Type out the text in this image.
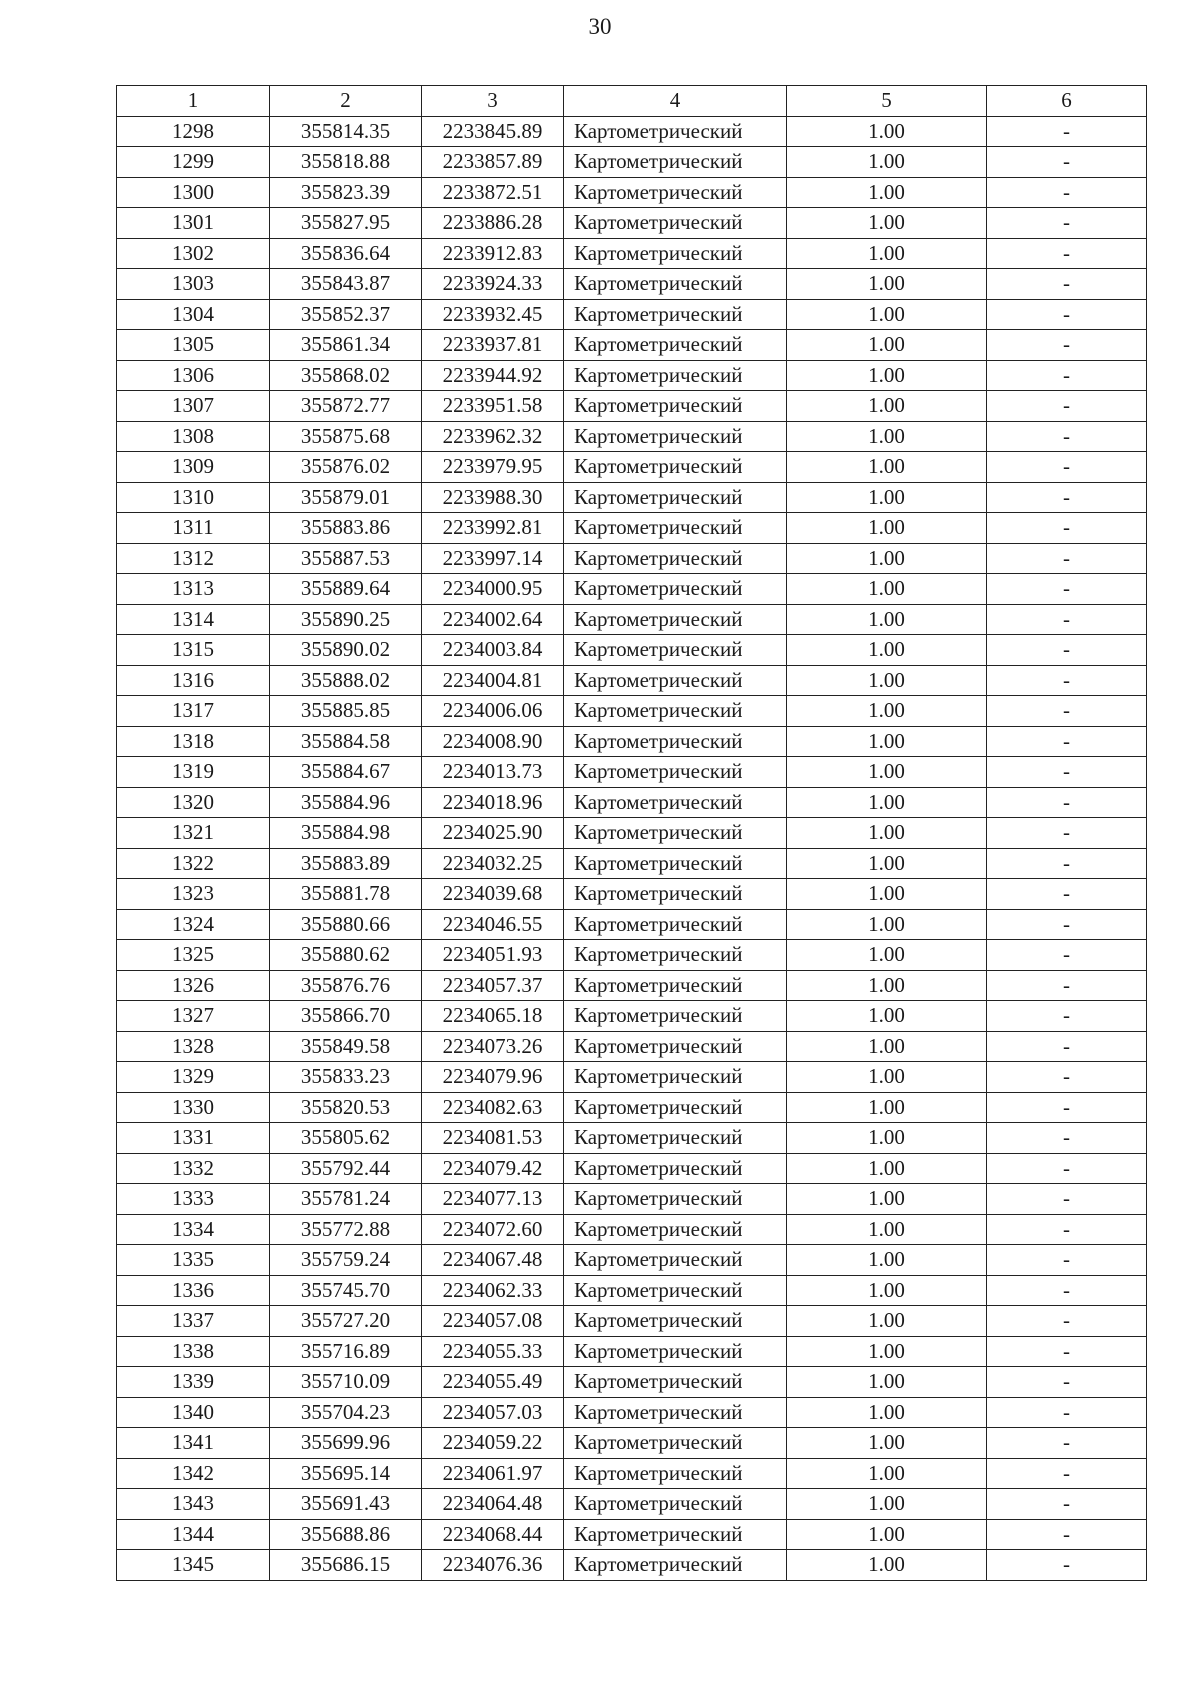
30
1	2	3	4	5	6
1298	355814.35	2233845.89	Картометрический	1.00	-
1299	355818.88	2233857.89	Картометрический	1.00	-
1300	355823.39	2233872.51	Картометрический	1.00	-
1301	355827.95	2233886.28	Картометрический	1.00	-
1302	355836.64	2233912.83	Картометрический	1.00	-
1303	355843.87	2233924.33	Картометрический	1.00	-
1304	355852.37	2233932.45	Картометрический	1.00	-
1305	355861.34	2233937.81	Картометрический	1.00	-
1306	355868.02	2233944.92	Картометрический	1.00	-
1307	355872.77	2233951.58	Картометрический	1.00	-
1308	355875.68	2233962.32	Картометрический	1.00	-
1309	355876.02	2233979.95	Картометрический	1.00	-
1310	355879.01	2233988.30	Картометрический	1.00	-
1311	355883.86	2233992.81	Картометрический	1.00	-
1312	355887.53	2233997.14	Картометрический	1.00	-
1313	355889.64	2234000.95	Картометрический	1.00	-
1314	355890.25	2234002.64	Картометрический	1.00	-
1315	355890.02	2234003.84	Картометрический	1.00	-
1316	355888.02	2234004.81	Картометрический	1.00	-
1317	355885.85	2234006.06	Картометрический	1.00	-
1318	355884.58	2234008.90	Картометрический	1.00	-
1319	355884.67	2234013.73	Картометрический	1.00	-
1320	355884.96	2234018.96	Картометрический	1.00	-
1321	355884.98	2234025.90	Картометрический	1.00	-
1322	355883.89	2234032.25	Картометрический	1.00	-
1323	355881.78	2234039.68	Картометрический	1.00	-
1324	355880.66	2234046.55	Картометрический	1.00	-
1325	355880.62	2234051.93	Картометрический	1.00	-
1326	355876.76	2234057.37	Картометрический	1.00	-
1327	355866.70	2234065.18	Картометрический	1.00	-
1328	355849.58	2234073.26	Картометрический	1.00	-
1329	355833.23	2234079.96	Картометрический	1.00	-
1330	355820.53	2234082.63	Картометрический	1.00	-
1331	355805.62	2234081.53	Картометрический	1.00	-
1332	355792.44	2234079.42	Картометрический	1.00	-
1333	355781.24	2234077.13	Картометрический	1.00	-
1334	355772.88	2234072.60	Картометрический	1.00	-
1335	355759.24	2234067.48	Картометрический	1.00	-
1336	355745.70	2234062.33	Картометрический	1.00	-
1337	355727.20	2234057.08	Картометрический	1.00	-
1338	355716.89	2234055.33	Картометрический	1.00	-
1339	355710.09	2234055.49	Картометрический	1.00	-
1340	355704.23	2234057.03	Картометрический	1.00	-
1341	355699.96	2234059.22	Картометрический	1.00	-
1342	355695.14	2234061.97	Картометрический	1.00	-
1343	355691.43	2234064.48	Картометрический	1.00	-
1344	355688.86	2234068.44	Картометрический	1.00	-
1345	355686.15	2234076.36	Картометрический	1.00	-
